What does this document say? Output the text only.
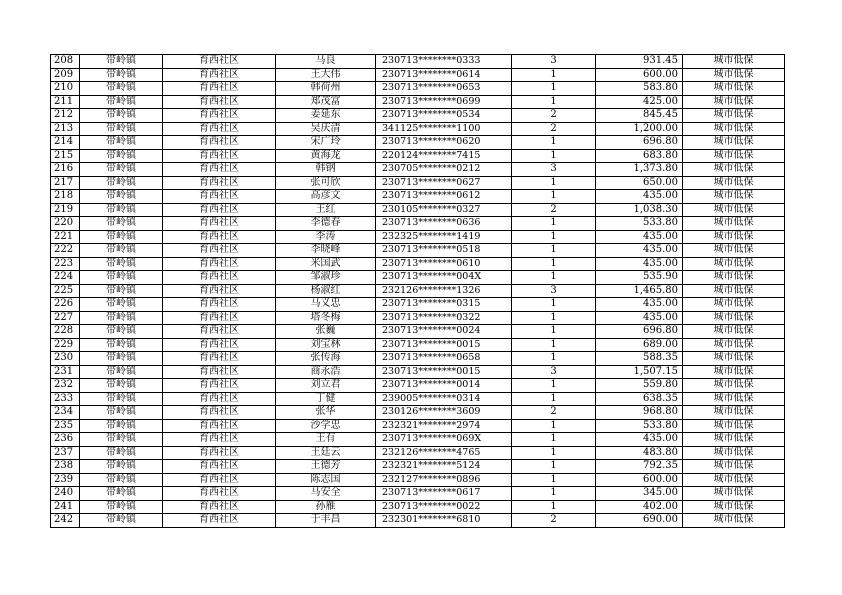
208	带岭镇	育西社区	马良	230713********0333	3	931.45	城市低保
209	带岭镇	育西社区	王大伟	230713********0614	1	600.00	城市低保
210	带岭镇	育西社区	韩荷州	230713********0653	1	583.80	城市低保
211	带岭镇	育西社区	郑茂富	230713********0699	1	425.00	城市低保
212	带岭镇	育西社区	姜延东	230713********0534	2	845.45	城市低保
213	带岭镇	育西社区	吴庆清	341125********1100	2	1,200.00	城市低保
214	带岭镇	育西社区	宋广玲	230713********0620	1	696.80	城市低保
215	带岭镇	育西社区	黄海龙	220124********7415	1	683.80	城市低保
216	带岭镇	育西社区	韩钢	230705********0212	3	1,373.80	城市低保
217	带岭镇	育西社区	张可欣	230713********0627	1	650.00	城市低保
218	带岭镇	育西社区	高彦文	230713********0612	1	435.00	城市低保
219	带岭镇	育西社区	王红	230105********0327	2	1,038.30	城市低保
220	带岭镇	育西社区	李德春	230713********0636	1	533.80	城市低保
221	带岭镇	育西社区	李涛	232325********1419	1	435.00	城市低保
222	带岭镇	育西社区	李晓峰	230713********0518	1	435.00	城市低保
223	带岭镇	育西社区	米国武	230713********0610	1	435.00	城市低保
224	带岭镇	育西社区	邹淑珍	230713********004X	1	535.90	城市低保
225	带岭镇	育西社区	杨淑红	232126********1326	3	1,465.80	城市低保
226	带岭镇	育西社区	马义忠	230713********0315	1	435.00	城市低保
227	带岭镇	育西社区	塔冬梅	230713********0322	1	435.00	城市低保
228	带岭镇	育西社区	张巍	230713********0024	1	696.80	城市低保
229	带岭镇	育西社区	刘宝林	230713********0015	1	689.00	城市低保
230	带岭镇	育西社区	张传海	230713********0658	1	588.35	城市低保
231	带岭镇	育西社区	商永浩	230713********0015	3	1,507.15	城市低保
232	带岭镇	育西社区	刘立君	230713********0014	1	559.80	城市低保
233	带岭镇	育西社区	丁健	239005********0314	1	638.35	城市低保
234	带岭镇	育西社区	张华	230126********3609	2	968.80	城市低保
235	带岭镇	育西社区	沙学忠	232321********2974	1	533.80	城市低保
236	带岭镇	育西社区	王有	230713********069X	1	435.00	城市低保
237	带岭镇	育西社区	王廷云	232126********4765	1	483.80	城市低保
238	带岭镇	育西社区	王德芳	232321********5124	1	792.35	城市低保
239	带岭镇	育西社区	陈志国	232127********0896	1	600.00	城市低保
240	带岭镇	育西社区	马安全	230713********0617	1	345.00	城市低保
241	带岭镇	育西社区	孙雁	230713********0022	1	402.00	城市低保
242	带岭镇	育西社区	于丰昌	232301********6810	2	690.00	城市低保
